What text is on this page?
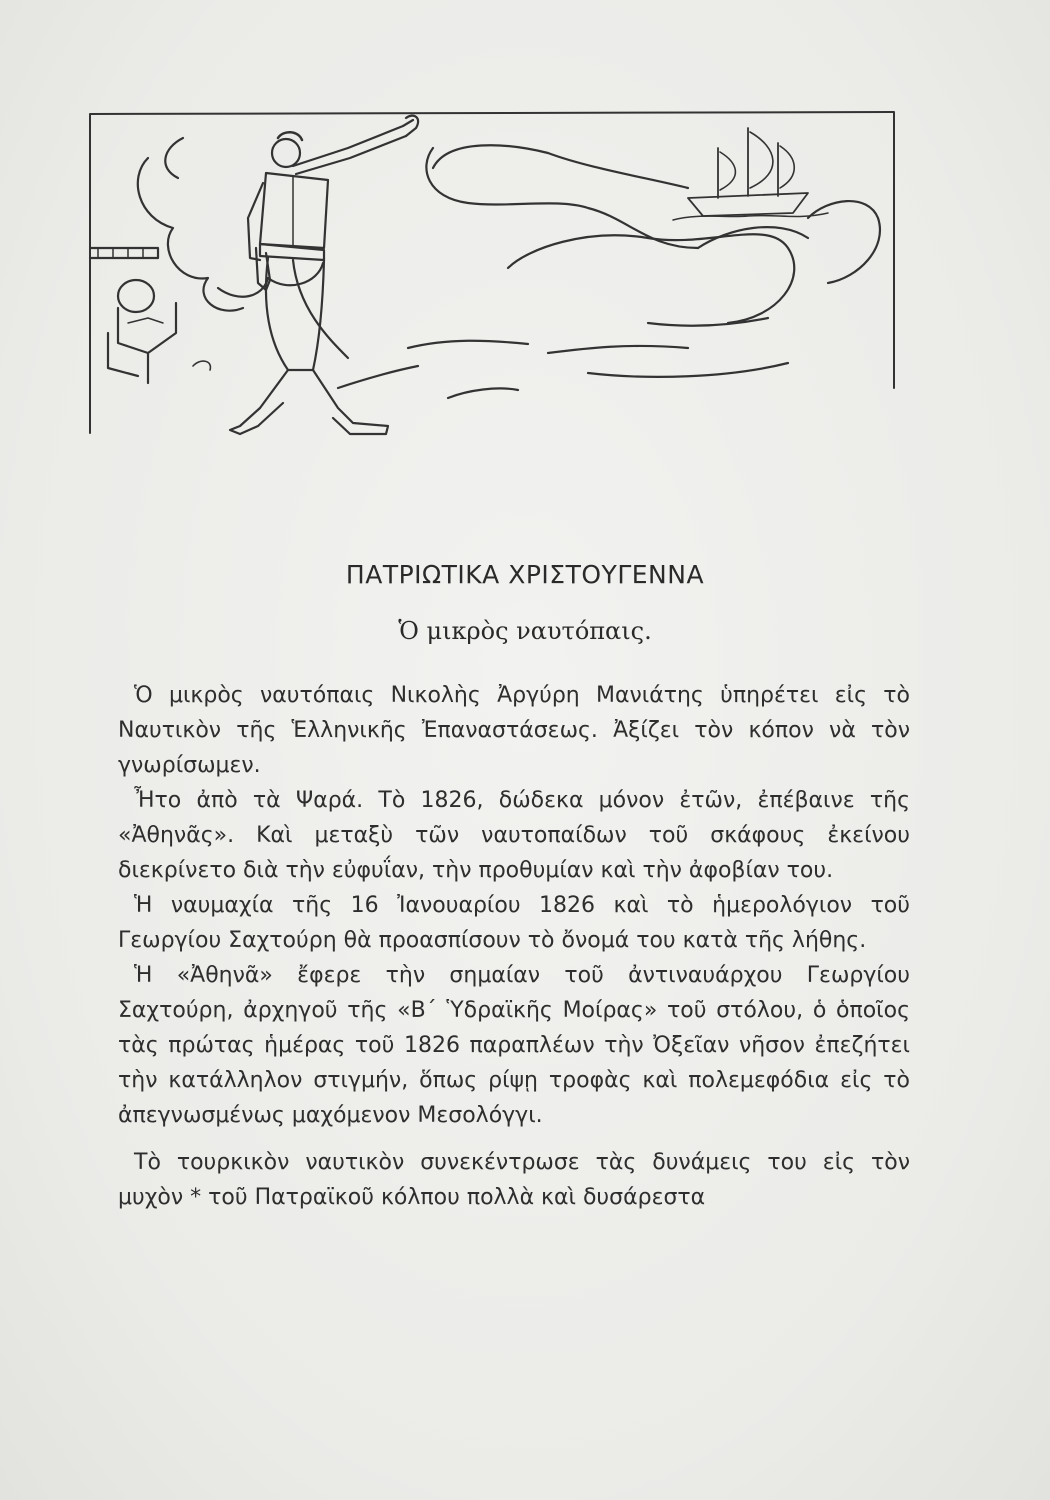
ΠΑΤΡΙΩΤΙΚΑ ΧΡΙΣΤΟΥΓΕΝΝΑ
Ὁ μικρὸς ναυτόπαις.

Ὁ μικρὸς ναυτόπαις Νικολὴς Ἀργύρη Μανιάτης ὑπηρέτει εἰς τὸ Ναυτικὸν τῆς Ἑλληνικῆς Ἐπαναστάσεως. Ἀξίζει τὸν κόπον νὰ τὸν γνωρίσωμεν.

Ἦτο ἀπὸ τὰ Ψαρά. Τὸ 1826, δώδεκα μόνον ἐτῶν, ἐπέβαινε τῆς «Ἀθηνᾶς». Καὶ μεταξὺ τῶν ναυτοπαίδων τοῦ σκάφους ἐκείνου διεκρίνετο διὰ τὴν εὐφυΐαν, τὴν προθυμίαν καὶ τὴν ἀφοβίαν του.

Ἡ ναυμαχία τῆς 16 Ἰανουαρίου 1826 καὶ τὸ ἡμερολόγιον τοῦ Γεωργίου Σαχτούρη θὰ προασπίσουν τὸ ὄνομά του κατὰ τῆς λήθης.

Ἡ «Ἀθηνᾶ» ἔφερε τὴν σημαίαν τοῦ ἀντιναυάρχου Γεωργίου Σαχτούρη, ἀρχηγοῦ τῆς «Β΄ Ὑδραϊκῆς Μοίρας» τοῦ στόλου, ὁ ὁποῖος τὰς πρώτας ἡμέρας τοῦ 1826 παραπλέων τὴν Ὀξεῖαν νῆσον ἐπεζήτει τὴν κατάλληλον στιγμήν, ὅπως ρίψῃ τροφὰς καὶ πολεμεφόδια εἰς τὸ ἀπεγνωσμένως μαχόμενον Μεσολόγγι.

Τὸ τουρκικὸν ναυτικὸν συνεκέντρωσε τὰς δυνάμεις του εἰς τὸν μυχὸν * τοῦ Πατραϊκοῦ κόλπου πολλὰ καὶ δυσάρεστα
